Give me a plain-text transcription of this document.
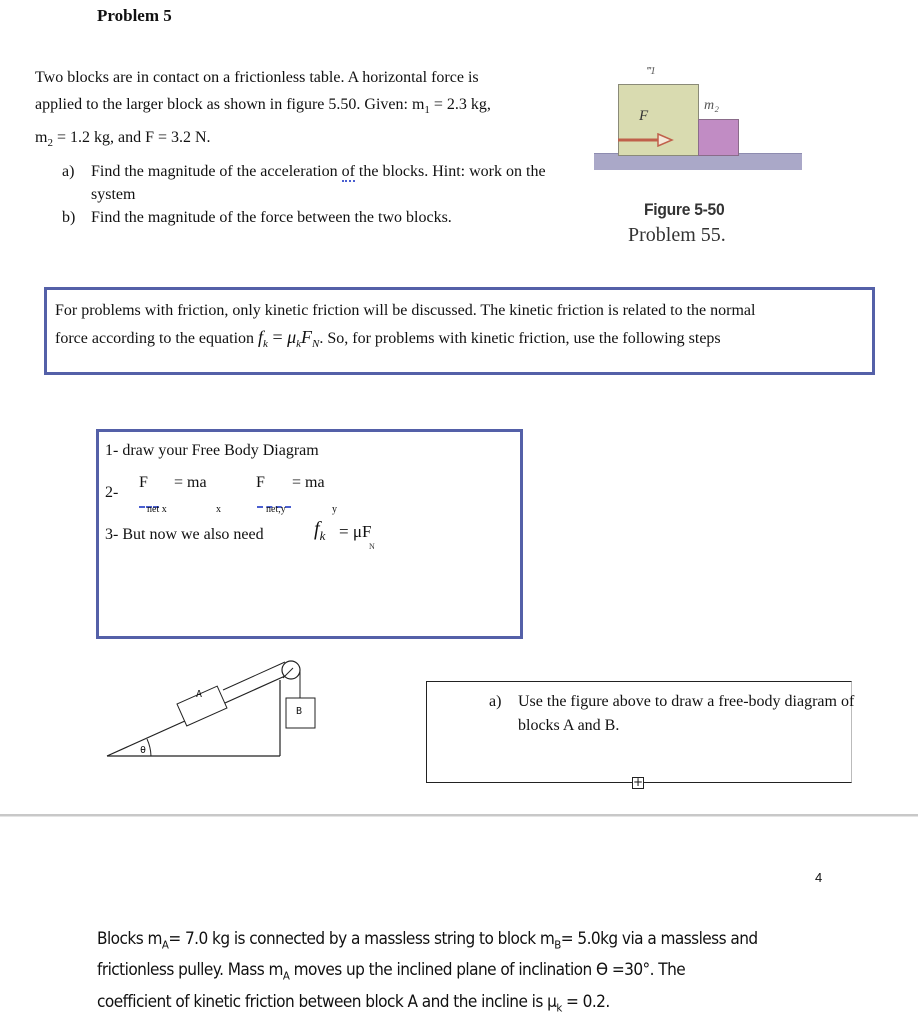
Problem 5
Two blocks are in contact on a frictionless table. A horizontal force is
applied to the larger block as shown in figure 5.50. Given: $m_1 = 2.3$ kg,
$m_2 = 1.2$ kg, and F = 3.2 N.
a) Find the magnitude of the acceleration of the blocks. Hint: work on the system
b) Find the magnitude of the force between the two blocks.
′′′1
m₂
F⃗
Figure 5-50
Problem 55.
For problems with friction, only kinetic friction will be discussed. The kinetic friction is related to the normal
force according to the equation $f_k = \mu_kF_N$. So, for problems with kinetic friction, use the following steps
1- draw your Free Body Diagram
2-
F = ma	F = ma
net x	x	net,y	y
3- But now we also need	$f_k = \mu F$
N
A
B
θ
a) Use the figure above to draw a free-body diagram of blocks A and B.
+
4
Blocks $m_A= 7.0$ kg is connected by a massless string to block $m_B= 5.0kg$ via a massless and
frictionless pulley. Mass $m_A$ moves up the inclined plane of inclination ϴ =30°. The
coefficient of kinetic friction between block A and the incline is $\mu_k = 0.2$.
